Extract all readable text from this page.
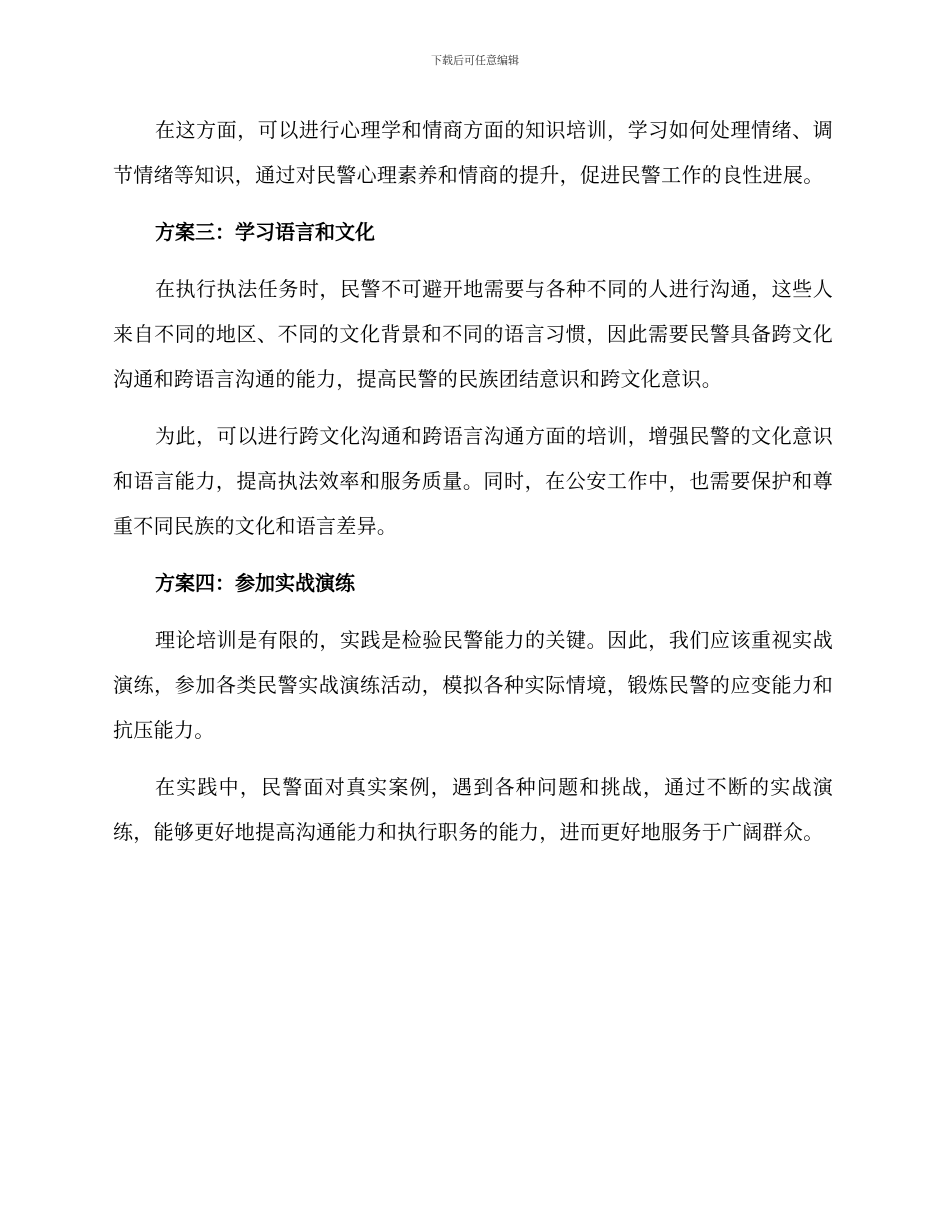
下载后可任意编辑

在这方面，可以进行心理学和情商方面的知识培训，学习如何处理情绪、调节情绪等知识，通过对民警心理素养和情商的提升，促进民警工作的良性进展。

方案三：学习语言和文化

在执行执法任务时，民警不可避开地需要与各种不同的人进行沟通，这些人来自不同的地区、不同的文化背景和不同的语言习惯，因此需要民警具备跨文化沟通和跨语言沟通的能力，提高民警的民族团结意识和跨文化意识。

为此，可以进行跨文化沟通和跨语言沟通方面的培训，增强民警的文化意识和语言能力，提高执法效率和服务质量。同时，在公安工作中，也需要保护和尊重不同民族的文化和语言差异。

方案四：参加实战演练

理论培训是有限的，实践是检验民警能力的关键。因此，我们应该重视实战演练，参加各类民警实战演练活动，模拟各种实际情境，锻炼民警的应变能力和抗压能力。

在实践中，民警面对真实案例，遇到各种问题和挑战，通过不断的实战演练，能够更好地提高沟通能力和执行职务的能力，进而更好地服务于广阔群众。
